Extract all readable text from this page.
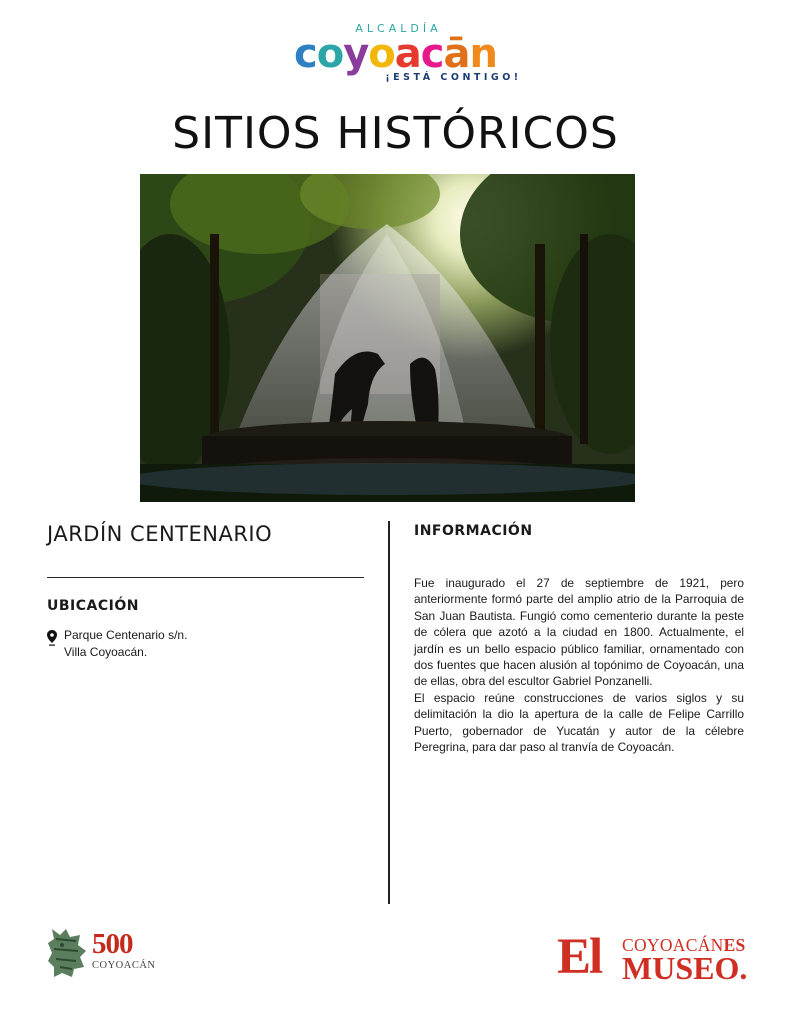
ALCALDÍA
coyoacān
¡ESTÁ CONTIGO!
SITIOS HISTÓRICOS
JARDÍN CENTENARIO
UBICACIÓN
Parque Centenario s/n.
Villa Coyoacán.
INFORMACIÓN

Fue inaugurado el 27 de septiembre de 1921, pero anteriormente formó parte del amplio atrio de la Parroquia de San Juan Bautista. Fungió como cementerio durante la peste de cólera que azotó a la ciudad en 1800. Actualmente, el jardín es un bello espacio público familiar, ornamentado con dos fuentes que hacen alusión al topónimo de Coyoacán, una de ellas, obra del escultor Gabriel Ponzanelli.

El espacio reúne construcciones de varios siglos y su delimitación la dio la apertura de la calle de Felipe Carrillo Puerto, gobernador de Yucatán y autor de la célebre Peregrina, para dar paso al tranvía de Coyoacán.

500
COYOACÁN	El COYOACÁNES
MUSEO.
